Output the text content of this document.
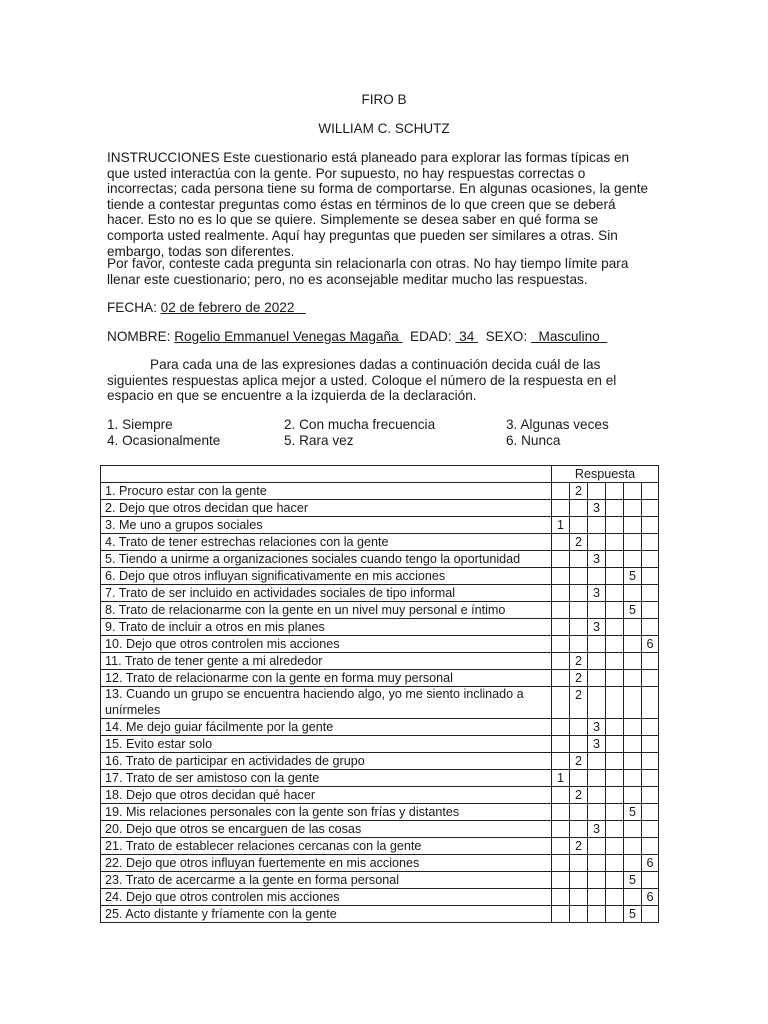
FIRO B
WILLIAM C. SCHUTZ

INSTRUCCIONES Este cuestionario está planeado para explorar las formas típicas en que usted interactúa con la gente. Por supuesto, no hay respuestas correctas o incorrectas; cada persona tiene su forma de comportarse. En algunas ocasiones, la gente tiende a contestar preguntas como éstas en términos de lo que creen que se deberá hacer. Esto no es lo que se quiere. Simplemente se desea saber en qué forma se comporta usted realmente. Aquí hay preguntas que pueden ser similares a otras. Sin embargo, todas son diferentes.

Por favor, conteste cada pregunta sin relacionarla con otras. No hay tiempo límite para llenar este cuestionario; pero, no es aconsejable meditar mucho las respuestas.

FECHA: 02 de febrero de 2022
NOMBRE: Rogelio Emmanuel Venegas Magaña EDAD: 34 SEXO: Masculino

Para cada una de las expresiones dadas a continuación decida cuál de las siguientes respuestas aplica mejor a usted. Coloque el número de la respuesta en el espacio en que se encuentre a la izquierda de la declaración.

1. Siempre	2. Con mucha frecuencia	3. Algunas veces
4. Ocasionalmente	5. Rara vez	6. Nunca
	Respuesta					
1. Procuro estar con la gente		2				
2. Dejo que otros decidan que hacer			3			
3. Me uno a grupos sociales	1					
4. Trato de tener estrechas relaciones con la gente		2				
5. Tiendo a unirme a organizaciones sociales cuando tengo la oportunidad			3			
6. Dejo que otros influyan significativamente en mis acciones					5	
7. Trato de ser incluido en actividades sociales de tipo informal			3			
8. Trato de relacionarme con la gente en un nivel muy personal e íntimo					5	
9. Trato de incluir a otros en mis planes			3			
10. Dejo que otros controlen mis acciones						6
11. Trato de tener gente a mi alrededor		2				
12. Trato de relacionarme con la gente en forma muy personal		2				
13. Cuando un grupo se encuentra haciendo algo, yo me siento inclinado a unírmeles		2				
14. Me dejo guiar fácilmente por la gente			3			
15. Evito estar solo			3			
16. Trato de participar en actividades de grupo		2				
17. Trato de ser amistoso con la gente	1					
18. Dejo que otros decidan qué hacer		2				
19. Mis relaciones personales con la gente son frías y distantes					5	
20. Dejo que otros se encarguen de las cosas			3			
21. Trato de establecer relaciones cercanas con la gente		2				
22. Dejo que otros influyan fuertemente en mis acciones						6
23. Trato de acercarme a la gente en forma personal					5	
24. Dejo que otros controlen mis acciones						6
25. Acto distante y fríamente con la gente					5	
